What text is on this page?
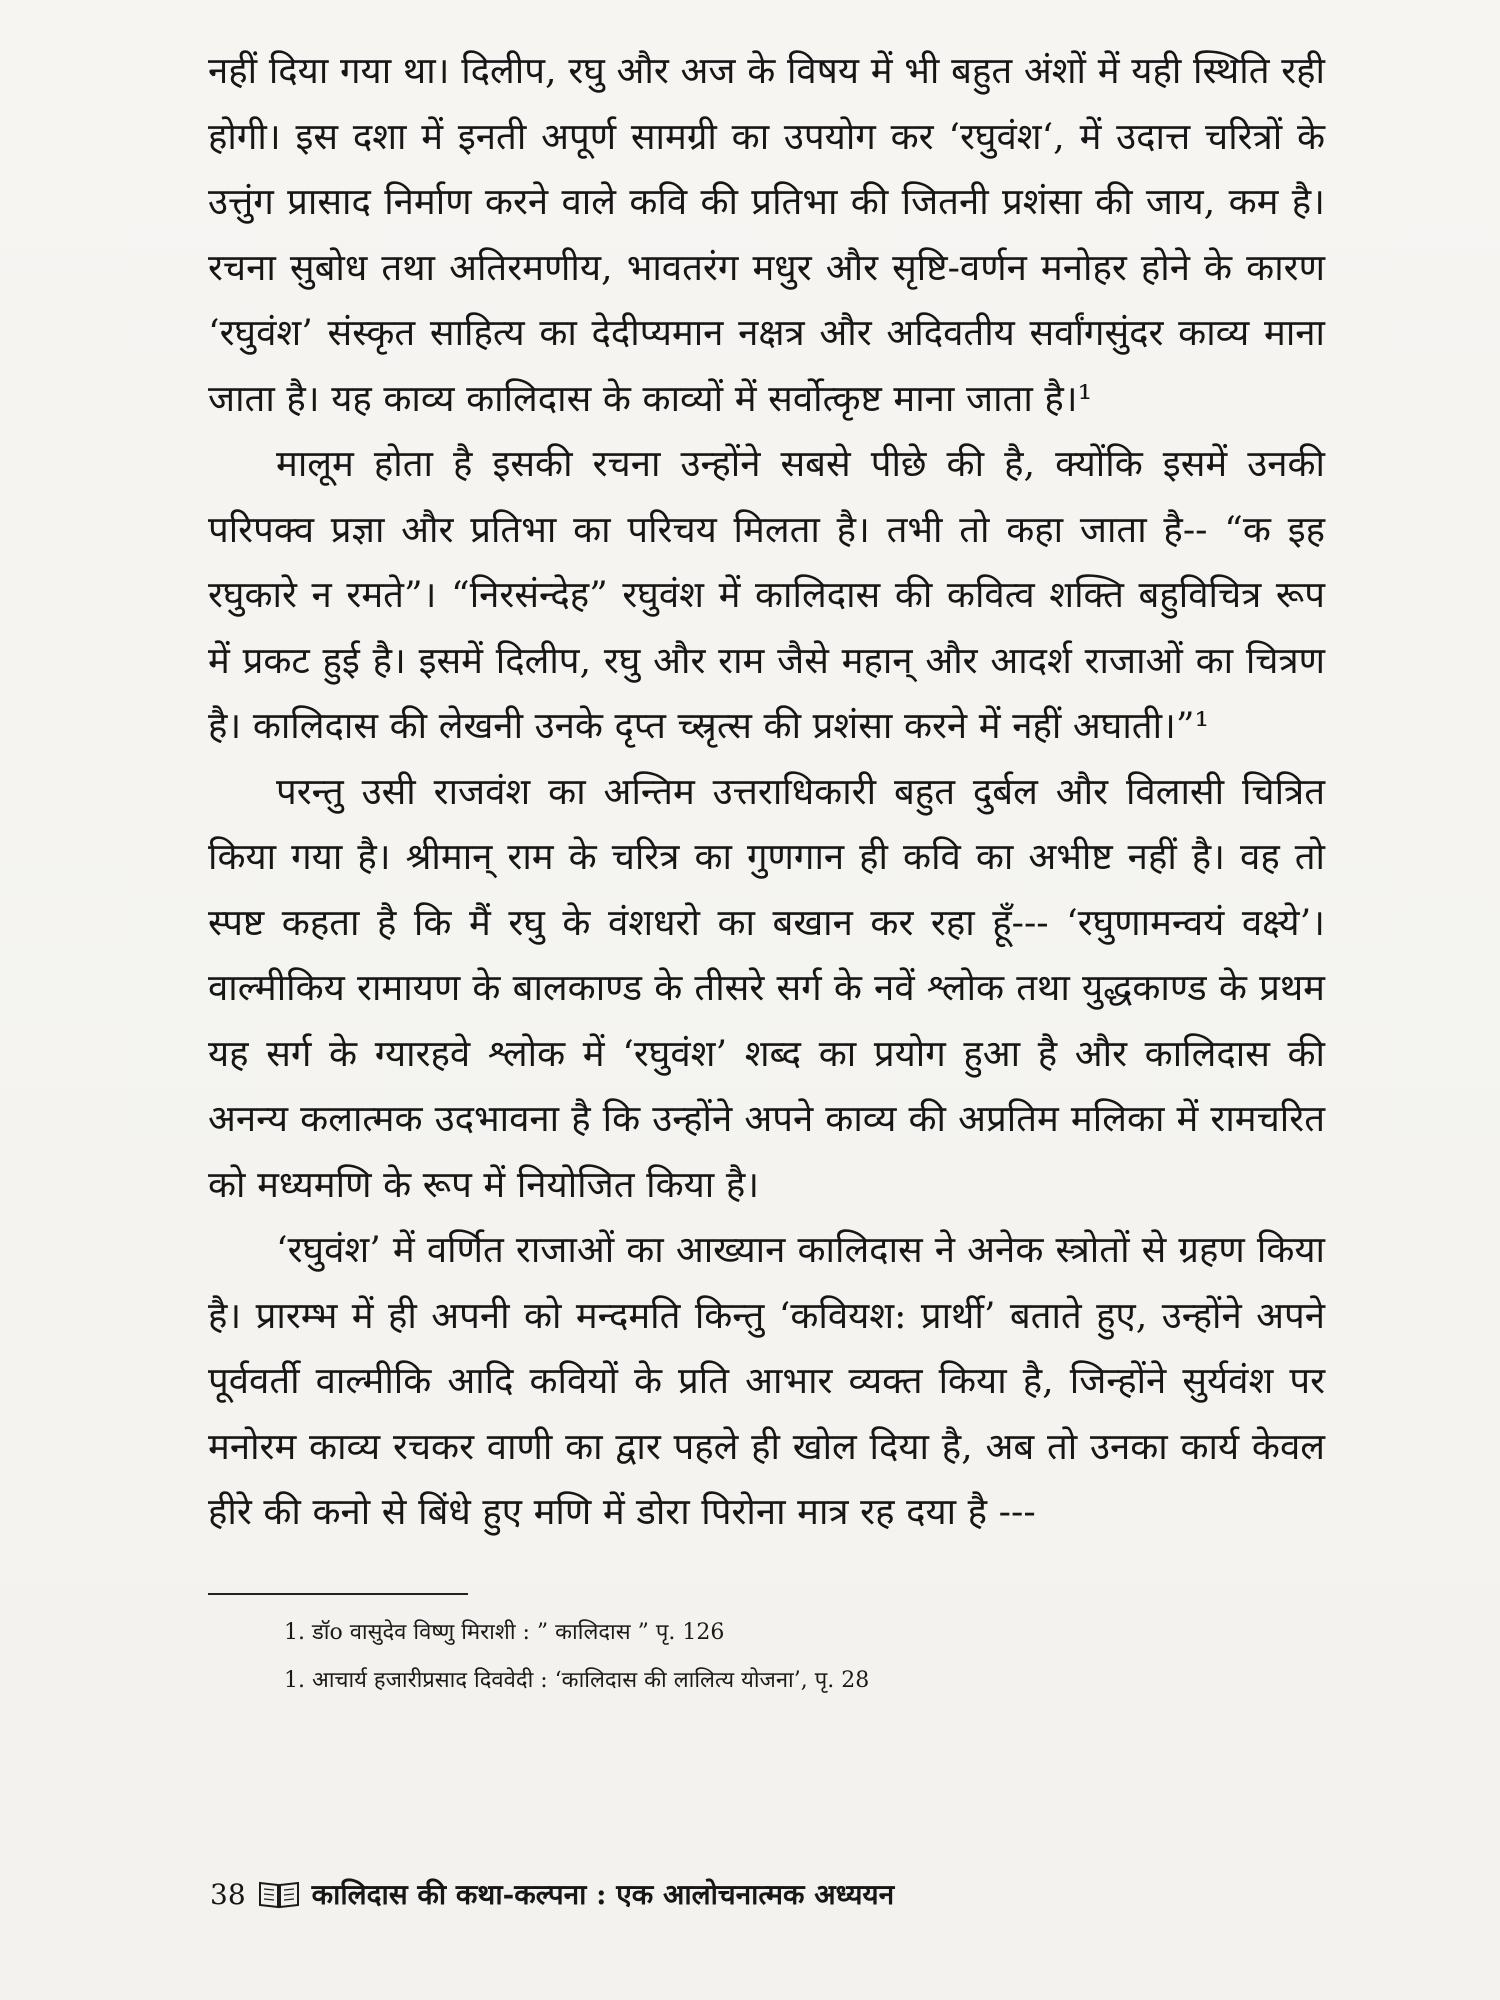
नहीं दिया गया था। दिलीप, रघु और अज के विषय में भी बहुत अंशों में यही स्थिति रही होगी। इस दशा में इनती अपूर्ण सामग्री का उपयोग कर ‘रघुवंश‘, में उदात्त चरित्रों के उत्तुंग प्रासाद निर्माण करने वाले कवि की प्रतिभा की जितनी प्रशंसा की जाय, कम है। रचना सुबोध तथा अतिरमणीय, भावतरंग मधुर और सृष्टि-वर्णन मनोहर होने के कारण ‘रघुवंश’ संस्कृत साहित्य का देदीप्यमान नक्षत्र और अदिवतीय सर्वांगसुंदर काव्य माना जाता है। यह काव्य कालिदास के काव्यों में सर्वोत्कृष्ट माना जाता है।¹

मालूम होता है इसकी रचना उन्होंने सबसे पीछे की है, क्योंकि इसमें उनकी परिपक्व प्रज्ञा और प्रतिभा का परिचय मिलता है। तभी तो कहा जाता है-- “क इह रघुकारे न रमते”। “निरसंन्देह” रघुवंश में कालिदास की कवित्व शक्ति बहुविचित्र रूप में प्रकट हुई है। इसमें दिलीप, रघु और राम जैसे महान् और आदर्श राजाओं का चित्रण है। कालिदास की लेखनी उनके दृप्त च्स्रृत्स की प्रशंसा करने में नहीं अघाती।”¹

परन्तु उसी राजवंश का अन्तिम उत्तराधिकारी बहुत दुर्बल और विलासी चित्रित किया गया है। श्रीमान् राम के चरित्र का गुणगान ही कवि का अभीष्ट नहीं है। वह तो स्पष्ट कहता है कि मैं रघु के वंशधरो का बखान कर रहा हूँ--- ‘रघुणामन्वयं वक्ष्ये’। वाल्मीकिय रामायण के बालकाण्ड के तीसरे सर्ग के नवें श्लोक तथा युद्धकाण्ड के प्रथम यह सर्ग के ग्यारहवे श्लोक में ‘रघुवंश’ शब्द का प्रयोग हुआ है और कालिदास की अनन्य कलात्मक उदभावना है कि उन्होंने अपने काव्य की अप्रतिम मलिका में रामचरित को मध्यमणि के रूप में नियोजित किया है।

‘रघुवंश’ में वर्णित राजाओं का आख्यान कालिदास ने अनेक स्त्रोतों से ग्रहण किया है। प्रारम्भ में ही अपनी को मन्दमति किन्तु ‘कवियश: प्रार्थी’ बताते हुए, उन्होंने अपने पूर्ववर्ती वाल्मीकि आदि कवियों के प्रति आभार व्यक्त किया है, जिन्होंने सुर्यवंश पर मनोरम काव्य रचकर वाणी का द्वार पहले ही खोल दिया है, अब तो उनका कार्य केवल हीरे की कनो से बिंधे हुए मणि में डोरा पिरोना मात्र रह दया है ---

1. डॉo वासुदेव विष्णु मिराशी : ” कालिदास ” पृ. 126
1. आचार्य हजारीप्रसाद दिववेदी : ‘कालिदास की लालित्य योजना’, पृ. 28
38 कालिदास की कथा-कल्पना : एक आलोचनात्मक अध्ययन
